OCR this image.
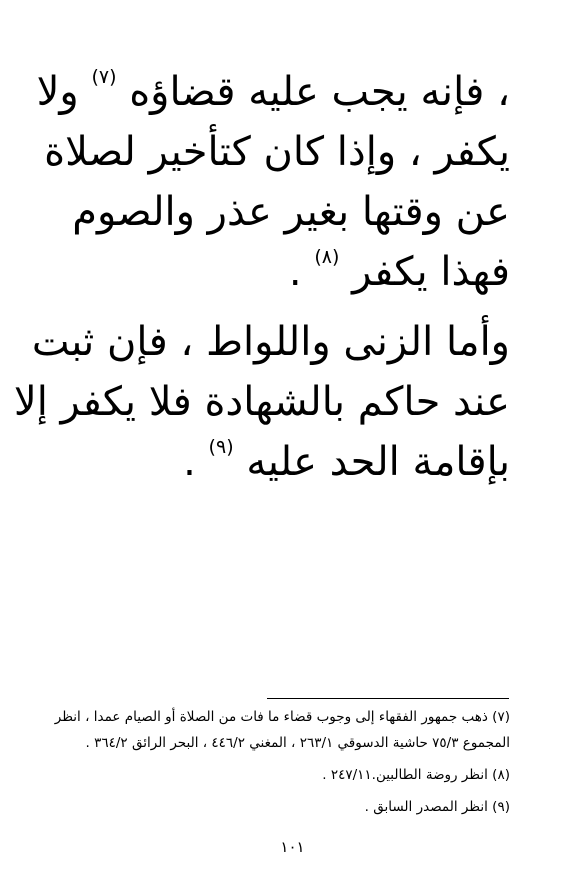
، فإنه يجب عليه قضاؤه $^{(٧)}$ ولا
يكفر ، وإذا كان كتأخير لصلاة
عن وقتها بغير عذر والصوم
فهذا يكفر $^{(٨)}$ .
وأما الزنى واللواط ، فإن ثبت
عند حاكم بالشهادة فلا يكفر إلا
بإقامة الحد عليه $^{(٩)}$ .
(٧) ذهب جمهور الفقهاء إلى وجوب قضاء ما فات من الصلاة أو الصيام عمدا ، انظر
المجموع ٧٥/٣ حاشية الدسوقي ٢٦٣/١ ، المغني ٤٤٦/٢ ، البحر الرائق ٣٦٤/٢ .
(٨) انظر روضة الطالبين.٢٤٧/١١ .
(٩) انظر المصدر السابق .
١٠١
